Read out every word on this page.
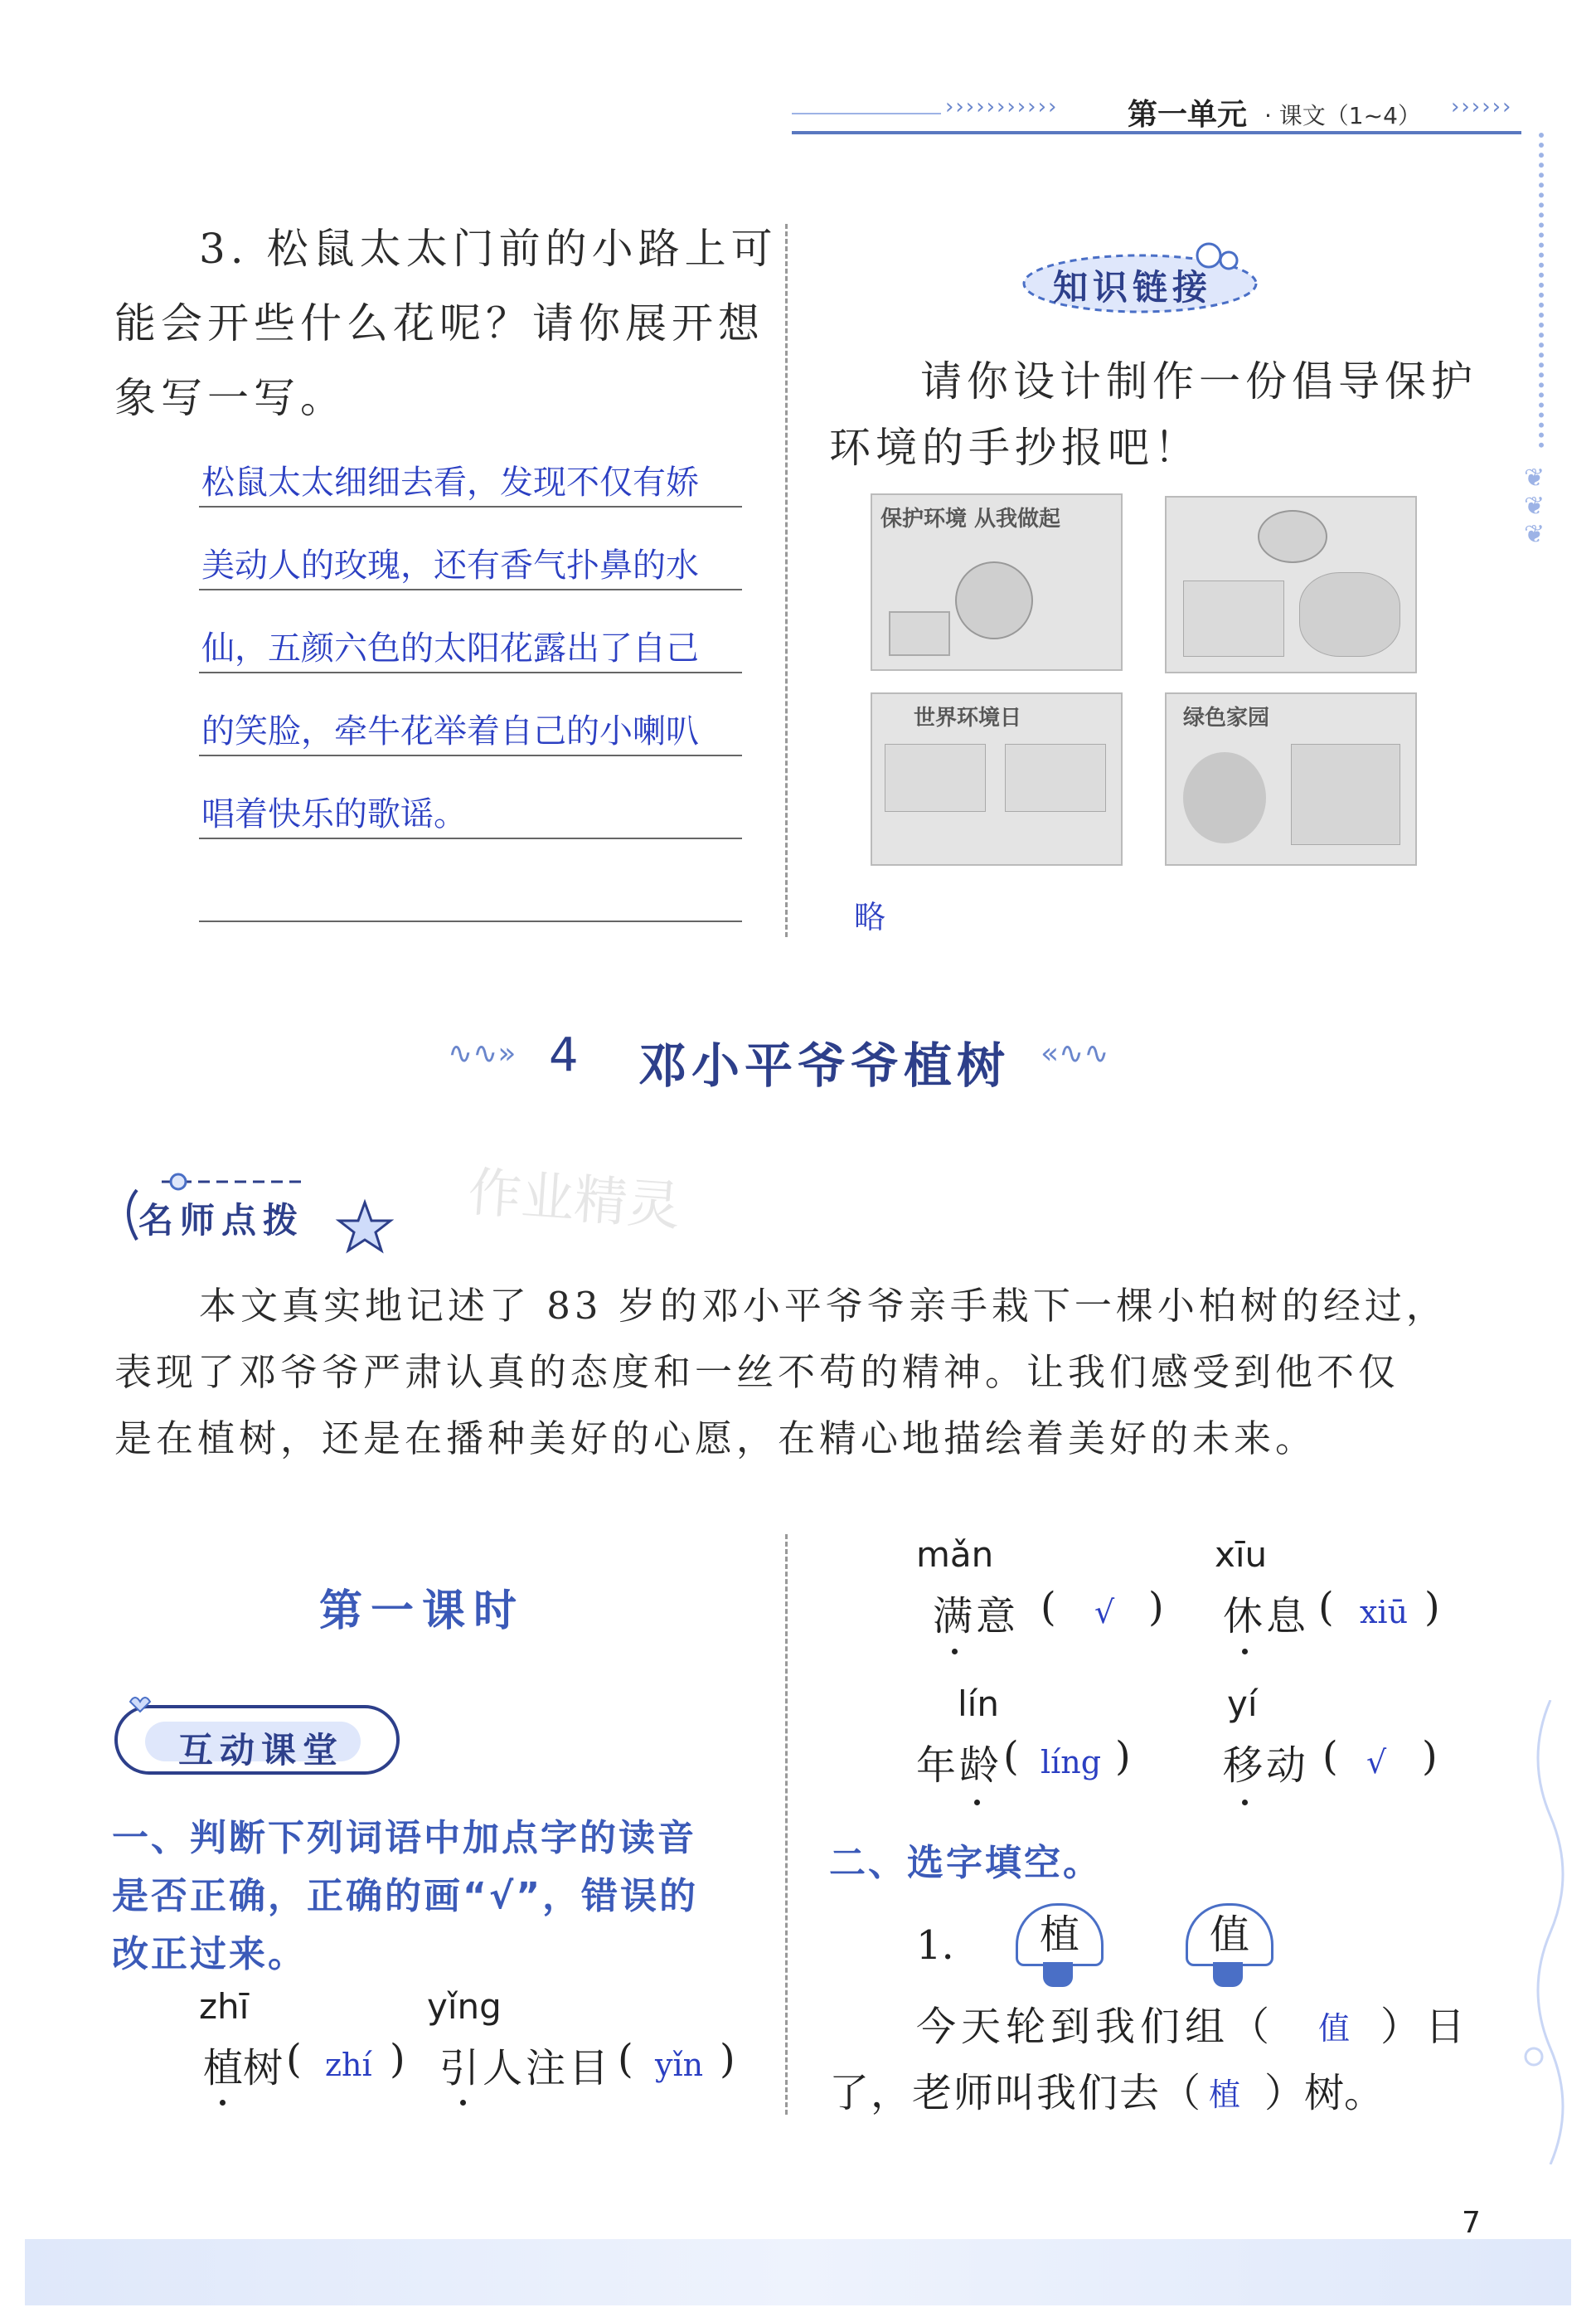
››››››››››› 第一单元 · 课文（1~4） ››››››
❦
❦
❦
3. 松鼠太太门前的小路上可
能会开些什么花呢？请你展开想
象写一写。
松鼠太太细细去看，发现不仅有娇
美动人的玫瑰，还有香气扑鼻的水
仙，五颜六色的太阳花露出了自己
的笑脸，牵牛花举着自己的小喇叭
唱着快乐的歌谣。
知识链接
请你设计制作一份倡导保护
环境的手抄报吧！
保护环境 从我做起
世界环境日	绿色家园
略
∿∿» 4 邓小平爷爷植树 «∿∿
名师点拨	作业精灵
本文真实地记述了 83 岁的邓小平爷爷亲手栽下一棵小柏树的经过，
表现了邓爷爷严肃认真的态度和一丝不苟的精神。让我们感受到他不仅
是在植树，还是在播种美好的心愿，在精心地描绘着美好的未来。
第一课时
互动课堂
一、判断下列词语中加点字的读音
是否正确，正确的画“√”，错误的
改正过来。
zhī
植树 ( zhí )
yǐng
引人注目 ( yǐn )
mǎn
满意 ( √ )
xīu
休息 ( xiū )
lín
年龄 ( líng )
yí
移动 ( √ )
二、选字填空。
1.	植	值
今天轮到我们组（ 值 ）日
了，老师叫我们去（ 植 ）树。
7
